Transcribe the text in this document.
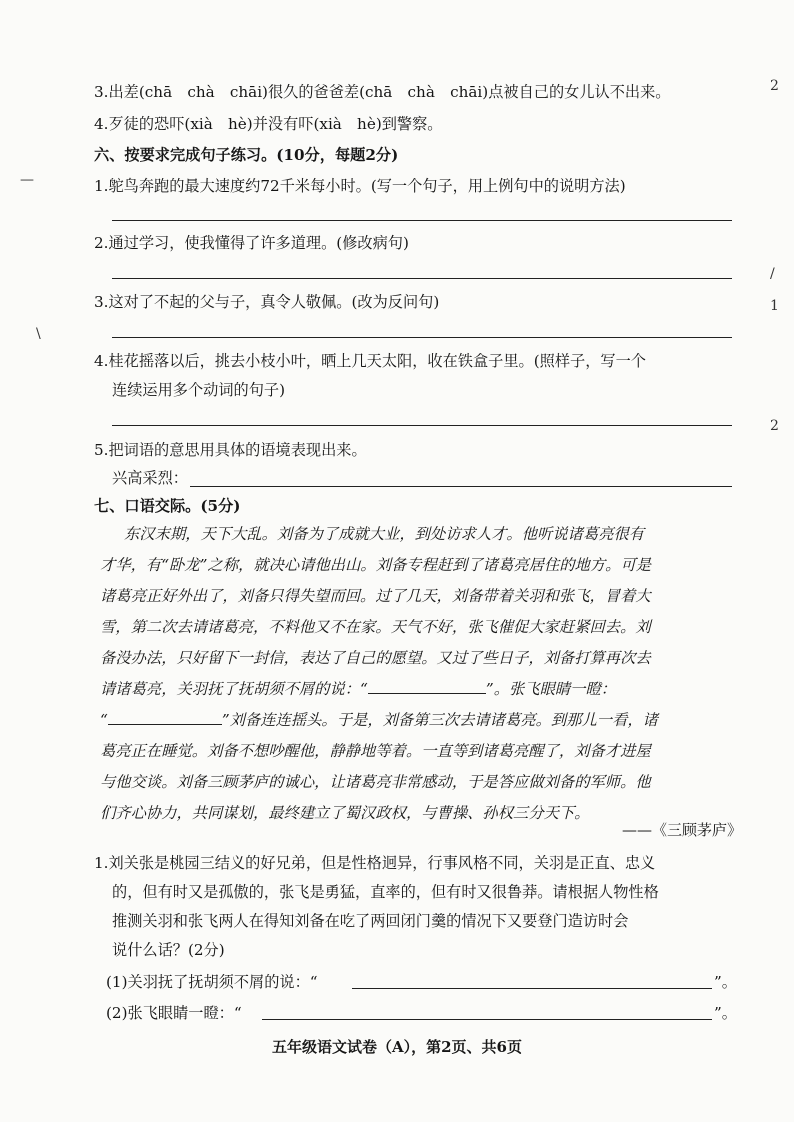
2
/
1
2
—
\
3.出差(chā　chà　chāi)很久的爸爸差(chā　chà　chāi)点被自己的女儿认不出来。
4.歹徒的恐吓(xià　hè)并没有吓(xià　hè)到警察。
六、按要求完成句子练习。(10分，每题2分)
1.鸵鸟奔跑的最大速度约72千米每小时。(写一个句子，用上例句中的说明方法)
2.通过学习，使我懂得了许多道理。(修改病句)
3.这对了不起的父与子，真令人敬佩。(改为反问句)
4.桂花摇落以后，挑去小枝小叶，晒上几天太阳，收在铁盒子里。(照样子，写一个
连续运用多个动词的句子)
5.把词语的意思用具体的语境表现出来。
兴高采烈：
七、口语交际。(5分)
东汉末期，天下大乱。刘备为了成就大业，到处访求人才。他听说诸葛亮很有
才华，有“卧龙”之称，就决心请他出山。刘备专程赶到了诸葛亮居住的地方。可是
诸葛亮正好外出了，刘备只得失望而回。过了几天，刘备带着关羽和张飞，冒着大
雪，第二次去请诸葛亮，不料他又不在家。天气不好，张飞催促大家赶紧回去。刘
备没办法，只好留下一封信，表达了自己的愿望。又过了些日子，刘备打算再次去
请诸葛亮，关羽抚了抚胡须不屑的说：“	”。张飞眼睛一瞪：
“	”刘备连连摇头。于是，刘备第三次去请诸葛亮。到那儿一看，诸
葛亮正在睡觉。刘备不想吵醒他，静静地等着。一直等到诸葛亮醒了，刘备才进屋
与他交谈。刘备三顾茅庐的诚心，让诸葛亮非常感动，于是答应做刘备的军师。他
们齐心协力，共同谋划，最终建立了蜀汉政权，与曹操、孙权三分天下。
——《三顾茅庐》
1.刘关张是桃园三结义的好兄弟，但是性格迥异，行事风格不同，关羽是正直、忠义
的，但有时又是孤傲的，张飞是勇猛，直率的，但有时又很鲁莽。请根据人物性格
推测关羽和张飞两人在得知刘备在吃了两回闭门羹的情况下又要登门造访时会
说什么话？(2分)
(1)关羽抚了抚胡须不屑的说：“	”。
(2)张飞眼睛一瞪：“	”。
五年级语文试卷（A），第2页、共6页
